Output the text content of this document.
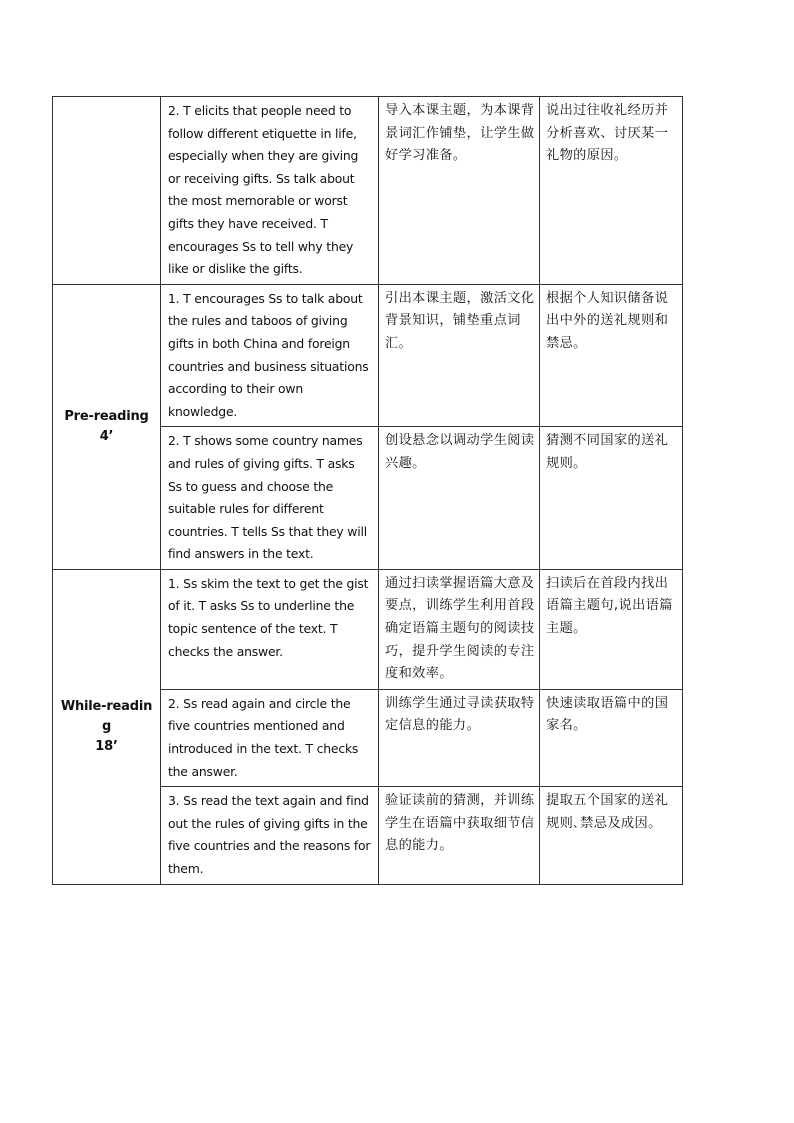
	2. T elicits that people need to follow different etiquette in life, especially when they are giving or receiving gifts. Ss talk about the most memorable or worst gifts they have received. T encourages Ss to tell why they like or dislike the gifts.	导入本课主题，为本课背景词汇作铺垫，让学生做好学习准备。	说出过往收礼经历并分析喜欢、讨厌某一礼物的原因。

Pre-reading
4’	1. T encourages Ss to talk about the rules and taboos of giving gifts in both China and foreign countries and business situations according to their own knowledge.	引出本课主题，激活文化背景知识，铺垫重点词汇。	根据个人知识储备说出中外的送礼规则和禁忌。
	2. T shows some country names and rules of giving gifts. T asks Ss to guess and choose the suitable rules for different countries. T tells Ss that they will find answers in the text.	创设悬念以调动学生阅读兴趣。	猜测不同国家的送礼规则。

While-reading
18’	1. Ss skim the text to get the gist of it. T asks Ss to underline the topic sentence of the text. T checks the answer.	通过扫读掌握语篇大意及要点，训练学生利用首段确定语篇主题句的阅读技巧，提升学生阅读的专注度和效率。	扫读后在首段内找出语篇主题句,说出语篇主题。
	2. Ss read again and circle the five countries mentioned and introduced in the text. T checks the answer.	训练学生通过寻读获取特定信息的能力。	快速读取语篇中的国家名。
	3. Ss read the text again and find out the rules of giving gifts in the five countries and the reasons for them.	验证读前的猜测，并训练学生在语篇中获取细节信息的能力。	提取五个国家的送礼规则､禁忌及成因。
